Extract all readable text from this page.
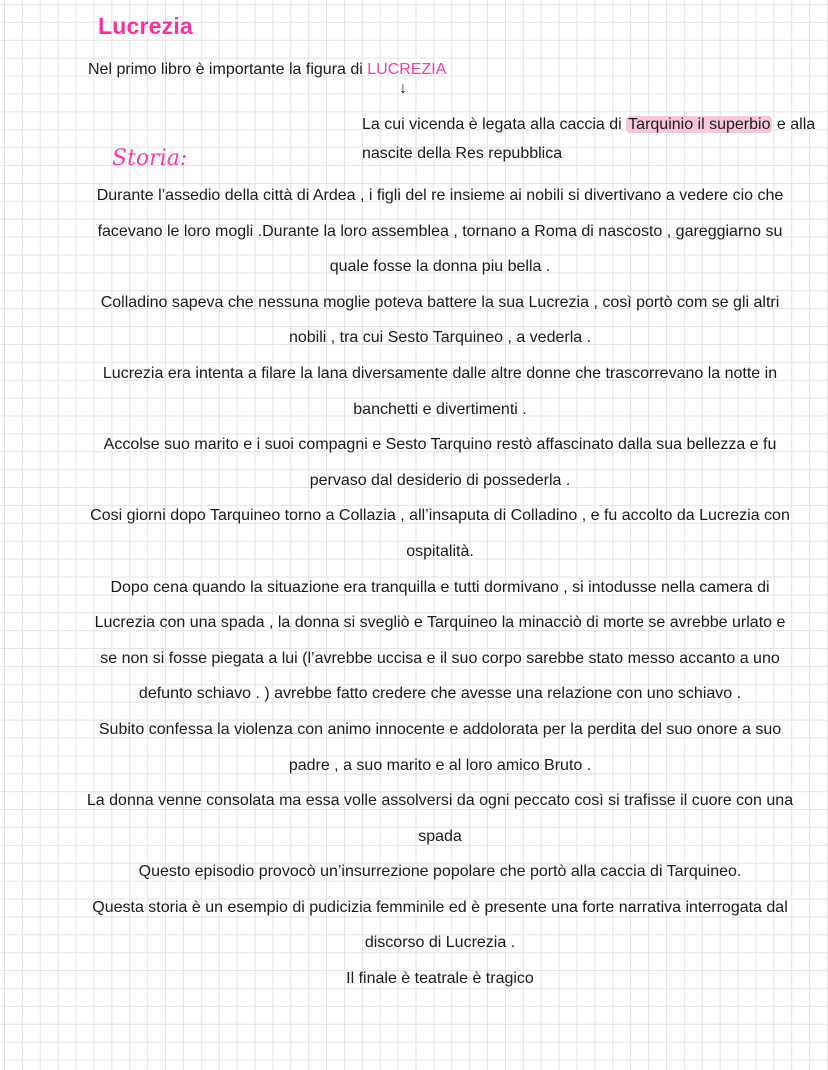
Lucrezia
Nel primo libro è importante la figura di LUCREZIA
↓
La cui vicenda è legata alla caccia di Tarquinio il superbio e alla nascite della Res repubblica
Storia:

Durante l’assedio della città di Ardea , i figli del re insieme ai nobili si divertivano a vedere cio che facevano le loro mogli .Durante la loro assemblea , tornano a Roma di nascosto , gareggiarno su quale fosse la donna piu bella .

Colladino sapeva che nessuna moglie poteva battere la sua Lucrezia , così portò com se gli altri nobili , tra cui Sesto Tarquineo , a vederla .

Lucrezia era intenta a filare la lana diversamente dalle altre donne che trascorrevano la notte in banchetti e divertimenti .

Accolse suo marito e i suoi compagni e Sesto Tarquino restò affascinato dalla sua bellezza e fu pervaso dal desiderio di possederla .

Cosi giorni dopo Tarquineo torno a Collazia , all’insaputa di Colladino , e fu accolto da Lucrezia con ospitalità.

Dopo cena quando la situazione era tranquilla e tutti dormivano , si intodusse nella camera di Lucrezia con una spada , la donna si svegliò e Tarquineo la minacciò di morte se avrebbe urlato e se non si fosse piegata a lui (l’avrebbe uccisa e il suo corpo sarebbe stato messo accanto a uno defunto schiavo . ) avrebbe fatto credere che avesse una relazione con uno schiavo .

Subito confessa la violenza con animo innocente e addolorata per la perdita del suo onore a suo padre , a suo marito e al loro amico Bruto .

La donna venne consolata ma essa volle assolversi da ogni peccato così si trafisse il cuore con una spada

Questo episodio provocò un’insurrezione popolare che portò alla caccia di Tarquineo.

Questa storia è un esempio di pudicizia femminile ed è presente una forte narrativa interrogata dal discorso di Lucrezia .

Il finale è teatrale è tragico
